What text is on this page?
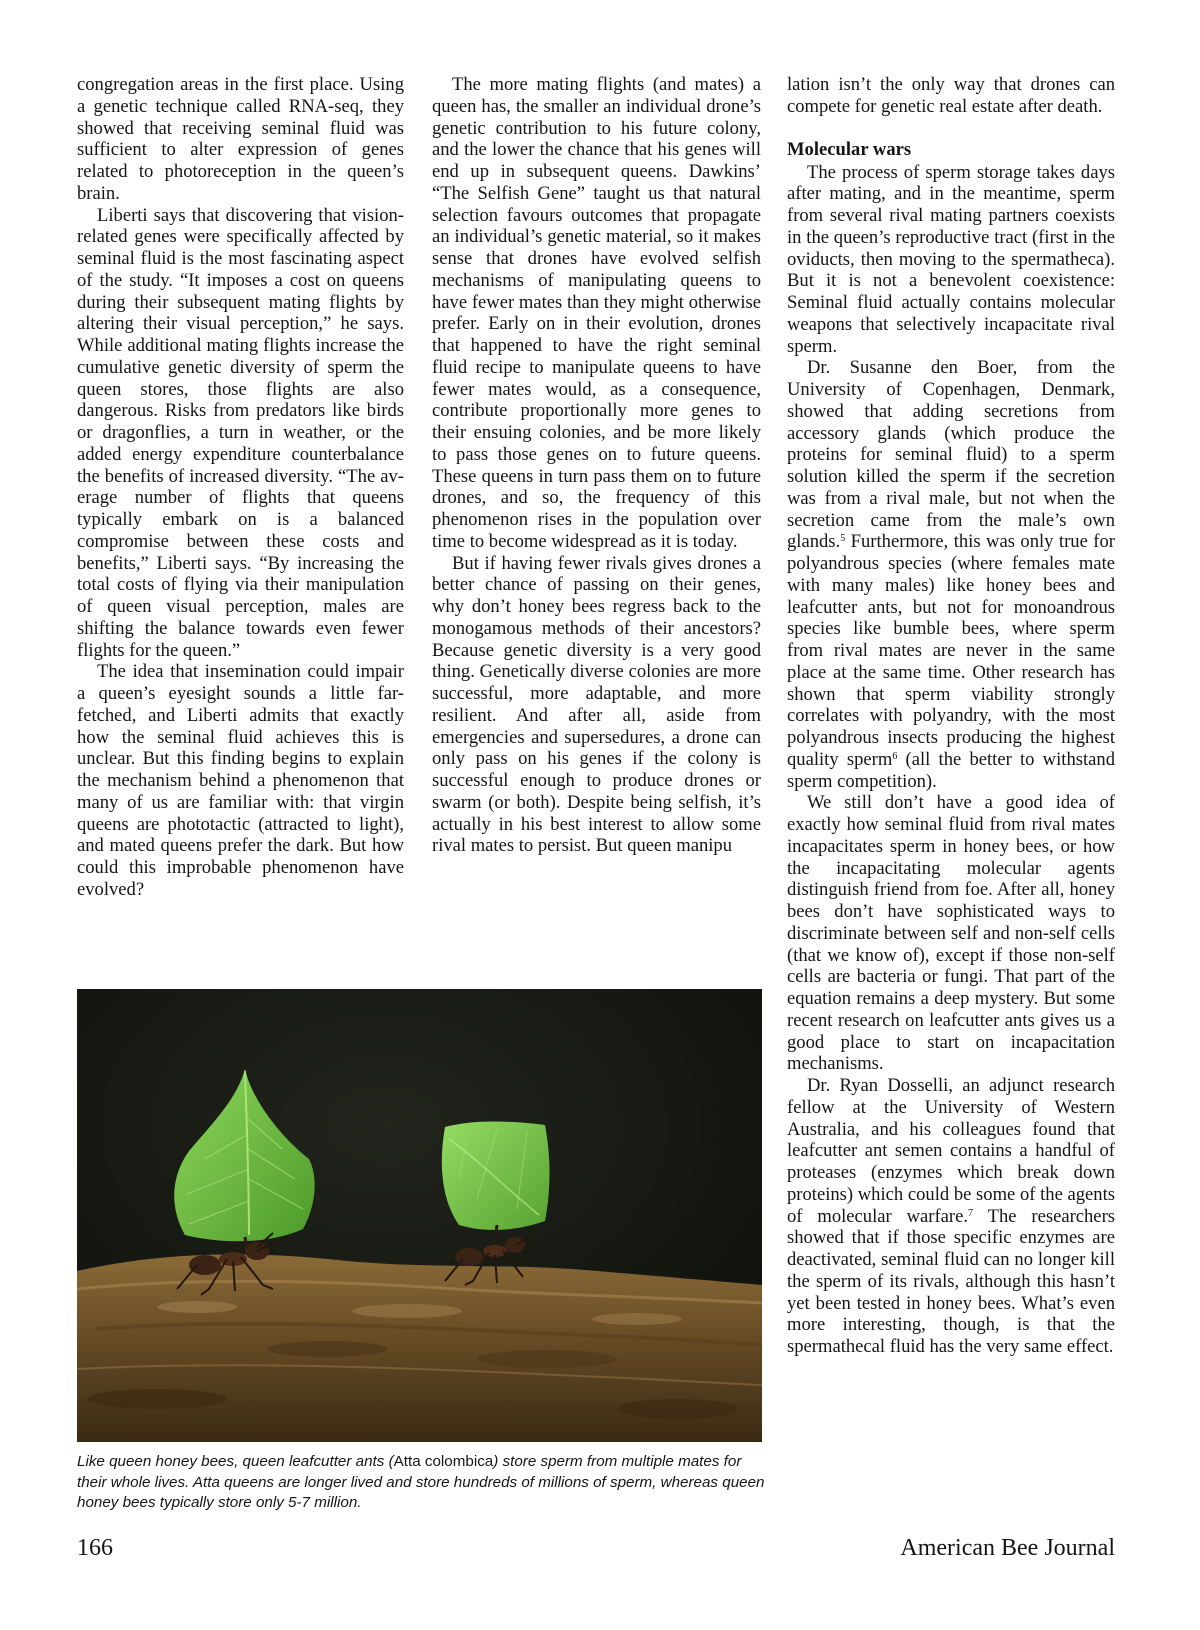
congregation areas in the first place. Using a genetic technique called RNA-seq, they showed that receiving seminal fluid was sufficient to alter expression of genes related to photoreception in the queen’s brain.

Liberti says that discovering that vision-related genes were specifically affected by seminal fluid is the most fascinating aspect of the study. “It imposes a cost on queens during their subsequent mating flights by altering their visual perception,” he says. While additional mating flights increase the cumulative genetic diversity of sperm the queen stores, those flights are also dangerous. Risks from predators like birds or dragonflies, a turn in weather, or the added energy expenditure counterbalance the benefits of increased diversity. “The average number of flights that queens typically embark on is a balanced compromise between these costs and benefits,” Liberti says. “By increasing the total costs of flying via their manipulation of queen visual perception, males are shifting the balance towards even fewer flights for the queen.”

The idea that insemination could impair a queen’s eyesight sounds a little far-fetched, and Liberti admits that exactly how the seminal fluid achieves this is unclear. But this finding begins to explain the mechanism behind a phenomenon that many of us are familiar with: that virgin queens are phototactic (attracted to light), and mated queens prefer the dark. But how could this improbable phenomenon have evolved?

The more mating flights (and mates) a queen has, the smaller an individual drone’s genetic contribution to his future colony, and the lower the chance that his genes will end up in subsequent queens. Dawkins’ “The Selfish Gene” taught us that natural selection favours outcomes that propagate an individual’s genetic material, so it makes sense that drones have evolved selfish mechanisms of manipulating queens to have fewer mates than they might otherwise prefer. Early on in their evolution, drones that happened to have the right seminal fluid recipe to manipulate queens to have fewer mates would, as a consequence, contribute proportionally more genes to their ensuing colonies, and be more likely to pass those genes on to future queens. These queens in turn pass them on to future drones, and so, the frequency of this phenomenon rises in the population over time to become widespread as it is today.

But if having fewer rivals gives drones a better chance of passing on their genes, why don’t honey bees regress back to the monogamous methods of their ancestors? Because genetic diversity is a very good thing. Genetically diverse colonies are more successful, more adaptable, and more resilient. And after all, aside from emergencies and supersedures, a drone can only pass on his genes if the colony is successful enough to produce drones or swarm (or both). Despite being selfish, it’s actually in his best interest to allow some rival mates to persist. But queen manipu

lation isn’t the only way that drones can compete for genetic real estate after death.

Molecular wars

The process of sperm storage takes days after mating, and in the meantime, sperm from several rival mating partners coexists in the queen’s reproductive tract (first in the oviducts, then moving to the spermatheca). But it is not a benevolent coexistence: Seminal fluid actually contains molecular weapons that selectively incapacitate rival sperm.

Dr. Susanne den Boer, from the University of Copenhagen, Denmark, showed that adding secretions from accessory glands (which produce the proteins for seminal fluid) to a sperm solution killed the sperm if the secretion was from a rival male, but not when the secretion came from the male’s own glands.$^5$ Furthermore, this was only true for polyandrous species (where females mate with many males) like honey bees and leafcutter ants, but not for monoandrous species like bumble bees, where sperm from rival mates are never in the same place at the same time. Other research has shown that sperm viability strongly correlates with polyandry, with the most polyandrous insects producing the highest quality sperm$^6$ (all the better to withstand sperm competition).

We still don’t have a good idea of exactly how seminal fluid from rival mates incapacitates sperm in honey bees, or how the incapacitating molecular agents distinguish friend from foe. After all, honey bees don’t have sophisticated ways to discriminate between self and non-self cells (that we know of), except if those non-self cells are bacteria or fungi. That part of the equation remains a deep mystery. But some recent research on leafcutter ants gives us a good place to start on incapacitation mechanisms.

Dr. Ryan Dosselli, an adjunct research fellow at the University of Western Australia, and his colleagues found that leafcutter ant semen contains a handful of proteases (enzymes which break down proteins) which could be some of the agents of molecular warfare.$^7$ The researchers showed that if those specific enzymes are deactivated, seminal fluid can no longer kill the sperm of its rivals, although this hasn’t yet been tested in honey bees. What’s even more interesting, though, is that the spermathecal fluid has the very same effect.

Like queen honey bees, queen leafcutter ants (Atta colombica) store sperm from multiple mates for their whole lives. Atta queens are longer lived and store hundreds of millions of sperm, whereas queen honey bees typically store only 5-7 million.
166	American Bee Journal
